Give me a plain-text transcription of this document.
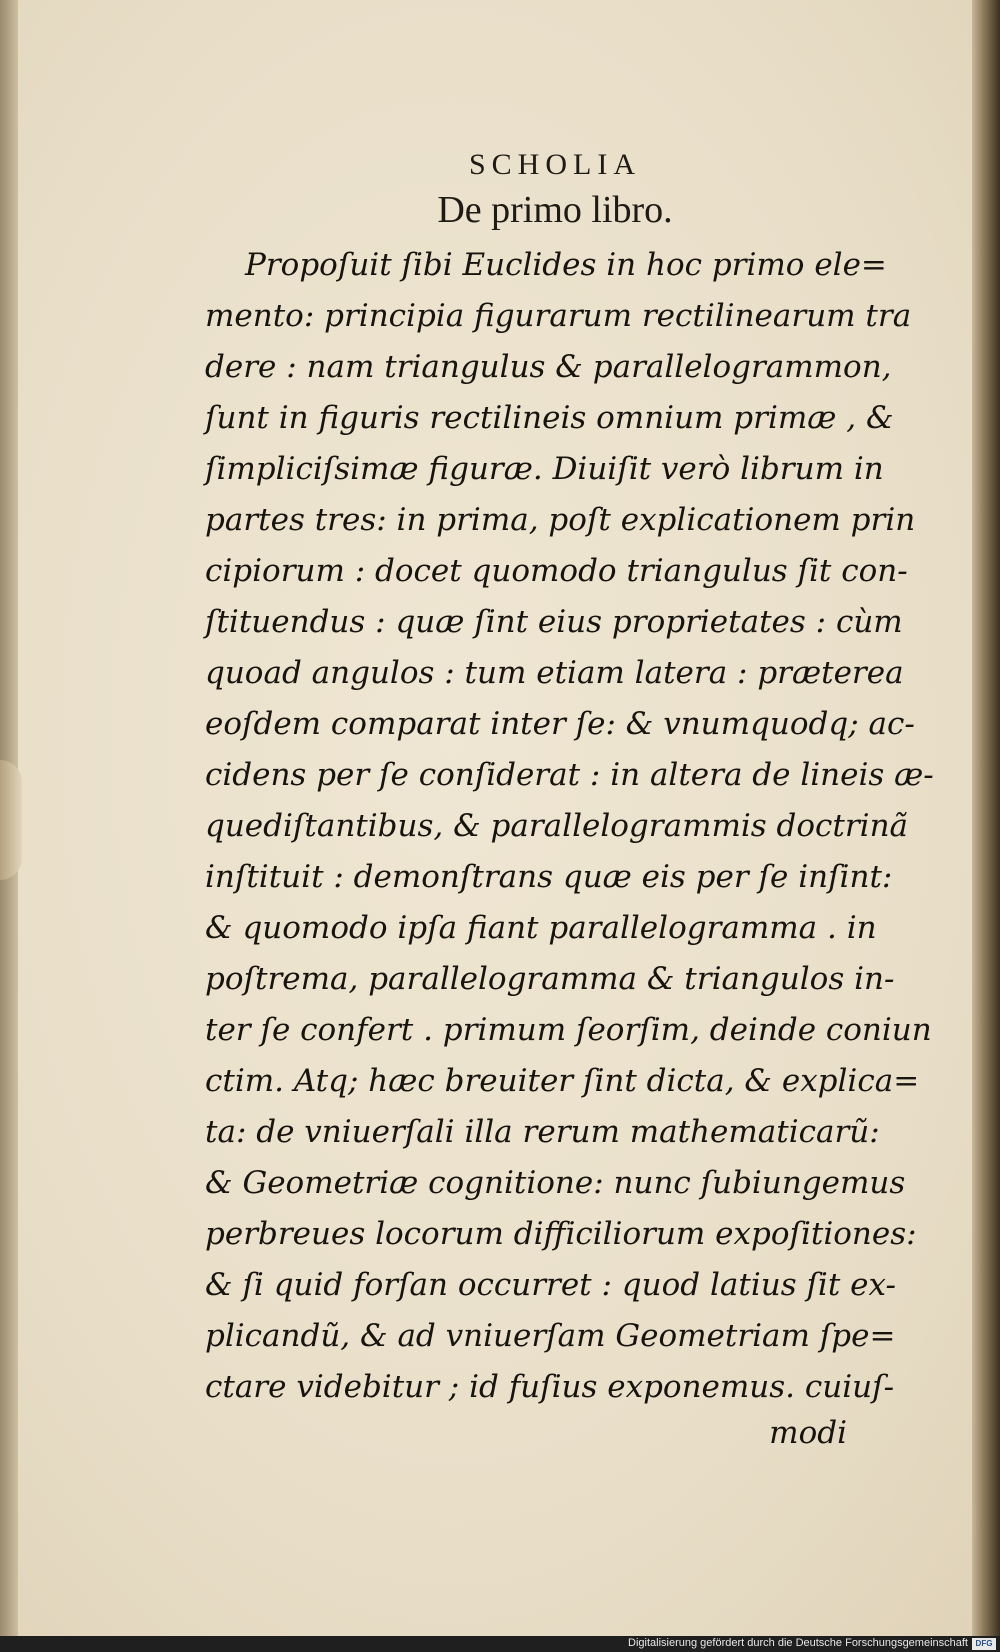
SCHOLIA
De primo libro.

Propoſuit ſibi Euclides in hoc primo ele=
mento: principia figurarum rectilinearum tra
dere : nam triangulus & parallelogrammon,
ſunt in figuris rectilineis omnium primæ , &
ſimpliciſsimæ figuræ. Diuiſit verò librum in
partes tres: in prima, poſt explicationem prin
cipiorum : docet quomodo triangulus ſit con-
ſtituendus : quæ ſint eius proprietates : cùm
quoad angulos : tum etiam latera : præterea
eoſdem comparat inter ſe: & vnumquodq; ac-
cidens per ſe conſiderat : in altera de lineis æ-
quediſtantibus, & parallelogrammis doctrinã
inſtituit : demonſtrans quæ eis per ſe inſint:
& quomodo ipſa fiant parallelogramma . in
poſtrema, parallelogramma & triangulos in-
ter ſe confert . primum ſeorſim, deinde coniun
ctim. Atq; hæc breuiter ſint dicta, & explica=
ta: de vniuerſali illa rerum mathematicarũ:
& Geometriæ cognitione: nunc ſubiungemus
perbreues locorum difficiliorum expoſitiones:
& ſi quid forſan occurret : quod latius ſit ex-
plicandũ, & ad vniuerſam Geometriam ſpe=
ctare videbitur ; id fuſius exponemus. cuiuſ-

modi
Digitalisierung gefördert durch die Deutsche Forschungsgemeinschaft DFG
